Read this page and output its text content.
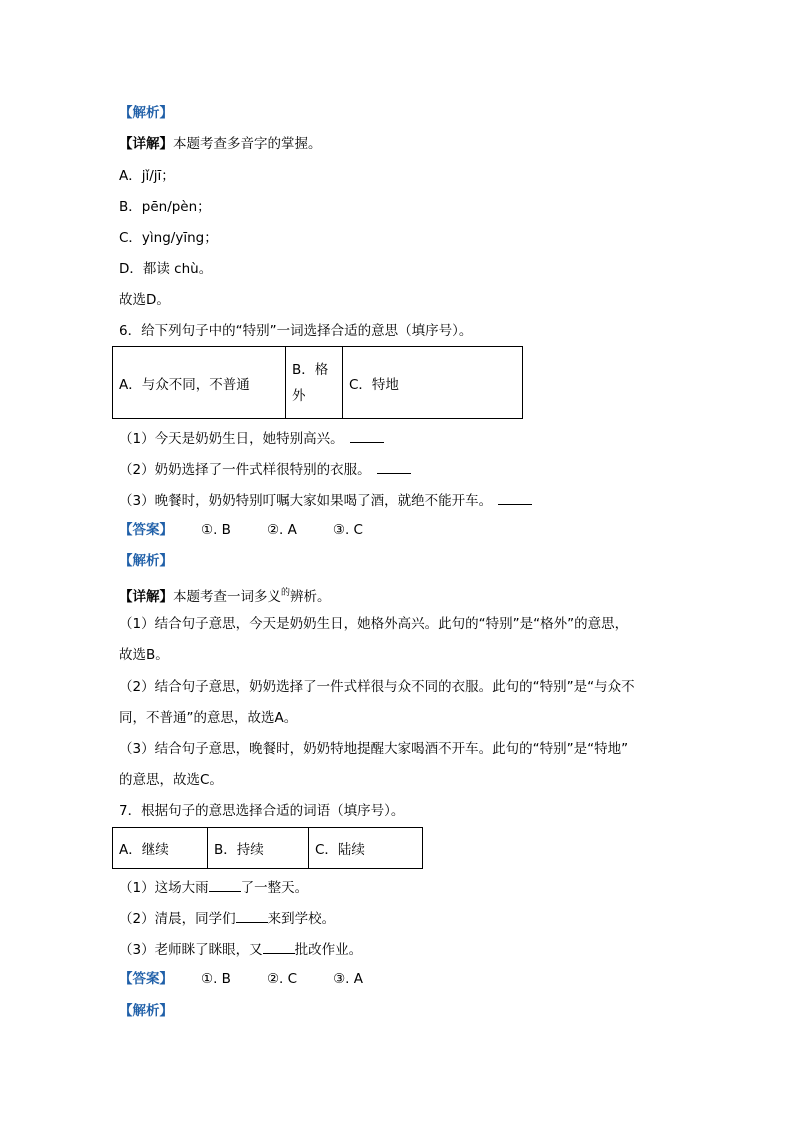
【解析】
【详解】本题考查多音字的掌握。
A．jǐ/jī；
B．pēn/pèn；
C．yìng/yīng；
D．都读 chù。
故选D。
6．给下列句子中的“特别”一词选择合适的意思（填序号）。
A．与众不同，不普通	B．格外	C．特地
（1）今天是奶奶生日，她特别高兴。
（2）奶奶选择了一件式样很特别的衣服。
（3）晚餐时，奶奶特别叮嘱大家如果喝了酒，就绝不能开车。
【答案】 ①. B	②. A	③. C
【解析】
【详解】本题考查一词多义$^的$辨析。
（1）结合句子意思，今天是奶奶生日，她格外高兴。此句的“特别”是“格外”的意思，
故选B。
（2）结合句子意思，奶奶选择了一件式样很与众不同的衣服。此句的“特别”是“与众不
同，不普通”的意思，故选A。
（3）结合句子意思，晚餐时，奶奶特地提醒大家喝酒不开车。此句的“特别”是“特地”
的意思，故选C。
7．根据句子的意思选择合适的词语（填序号）。
A．继续	B．持续	C．陆续
（1）这场大雨 了一整天。
（2）清晨，同学们 来到学校。
（3）老师眯了眯眼，又 批改作业。
【答案】 ①. B	②. C	③. A
【解析】
